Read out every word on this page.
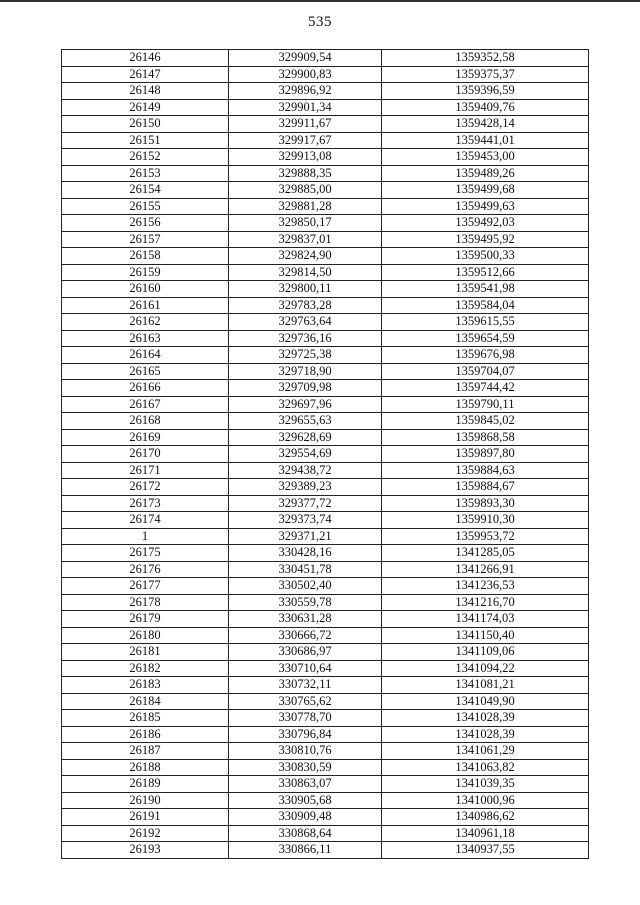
535
26146	329909,54	1359352,58
26147	329900,83	1359375,37
26148	329896,92	1359396,59
26149	329901,34	1359409,76
26150	329911,67	1359428,14
26151	329917,67	1359441,01
26152	329913,08	1359453,00
26153	329888,35	1359489,26
26154	329885,00	1359499,68
26155	329881,28	1359499,63
26156	329850,17	1359492,03
26157	329837,01	1359495,92
26158	329824,90	1359500,33
26159	329814,50	1359512,66
26160	329800,11	1359541,98
26161	329783,28	1359584,04
26162	329763,64	1359615,55
26163	329736,16	1359654,59
26164	329725,38	1359676,98
26165	329718,90	1359704,07
26166	329709,98	1359744,42
26167	329697,96	1359790,11
26168	329655,63	1359845,02
26169	329628,69	1359868,58
26170	329554,69	1359897,80
26171	329438,72	1359884,63
26172	329389,23	1359884,67
26173	329377,72	1359893,30
26174	329373,74	1359910,30
1	329371,21	1359953,72
26175	330428,16	1341285,05
26176	330451,78	1341266,91
26177	330502,40	1341236,53
26178	330559,78	1341216,70
26179	330631,28	1341174,03
26180	330666,72	1341150,40
26181	330686,97	1341109,06
26182	330710,64	1341094,22
26183	330732,11	1341081,21
26184	330765,62	1341049,90
26185	330778,70	1341028,39
26186	330796,84	1341028,39
26187	330810,76	1341061,29
26188	330830,59	1341063,82
26189	330863,07	1341039,35
26190	330905,68	1341000,96
26191	330909,48	1340986,62
26192	330868,64	1340961,18
26193	330866,11	1340937,55
